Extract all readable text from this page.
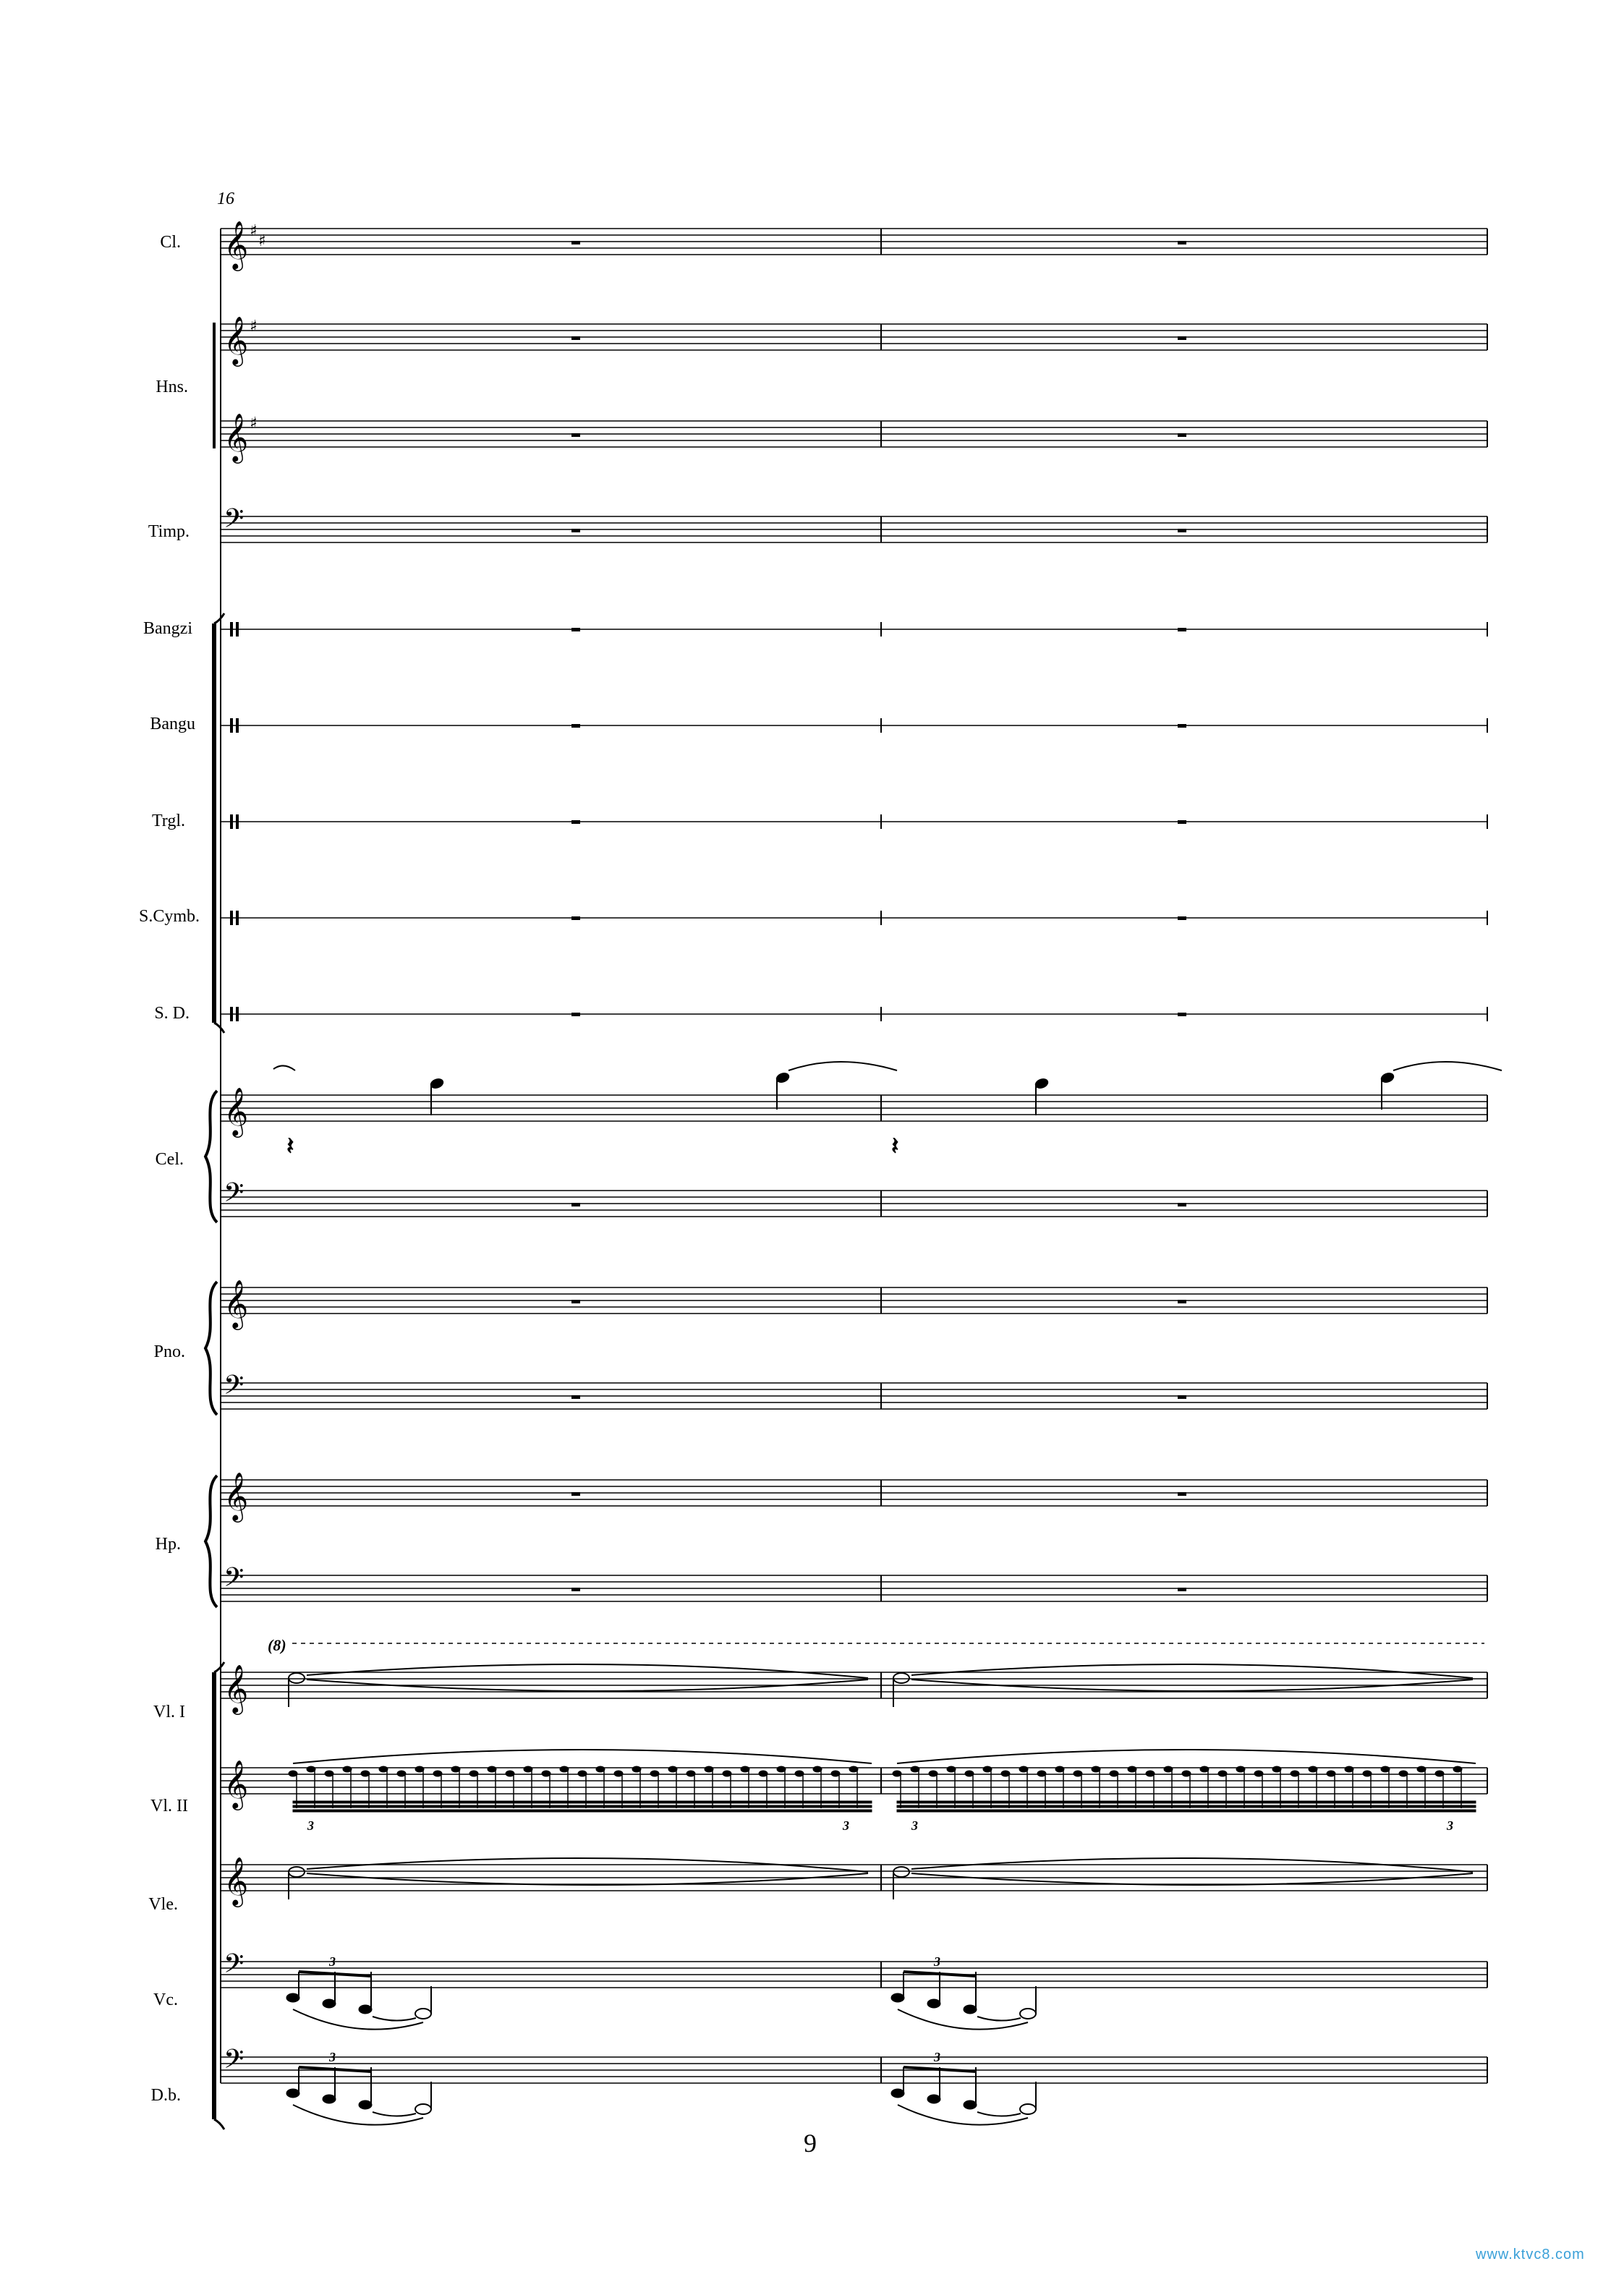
16
Cl.
Hns.
Timp.
Bangzi
Bangu
Trgl.
S.Cymb.
S. D.
Cel.
Pno.
Hp.
Vl. I
Vl. II
Vle.
Vc.
D.b.
(8)
𝄞 ♯
♯
𝄞 ♯
𝄞 ♯
𝄢
𝄞
𝄢
𝄞
𝄢
𝄞
𝄢
𝄞
𝄞
𝄞
𝄢
𝄢
𝄽	𝄽
3	3	3	3
3	3
3	3
9
www.ktvc8.com
